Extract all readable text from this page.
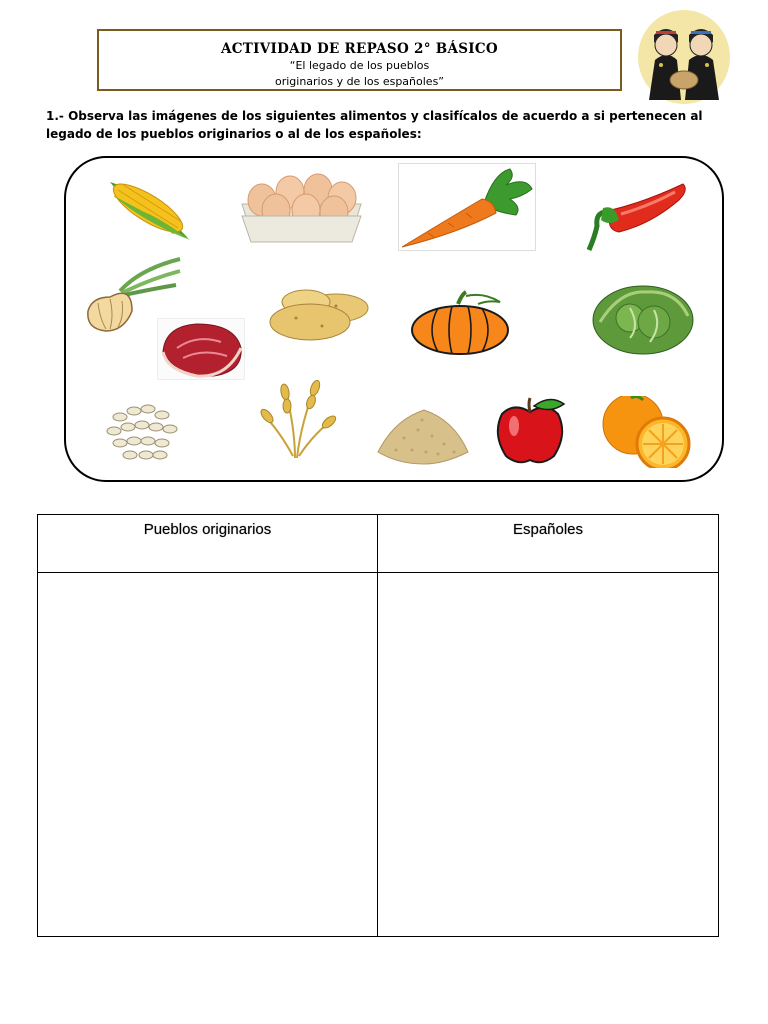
ACTIVIDAD DE REPASO 2° BÁSICO
“El legado de los pueblos
originarios y de los españoles”
1.- Observa las imágenes de los siguientes alimentos y clasifícalos de acuerdo a si pertenecen al legado de los pueblos originarios o al de los españoles:
Pueblos originarios	Españoles
